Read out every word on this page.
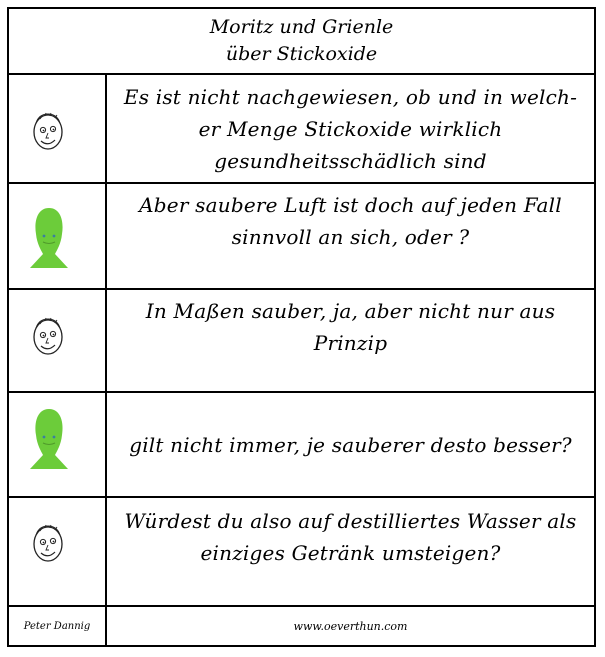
Moritz und Grienle
über Stickoxide
Es ist nicht nachgewiesen, ob und in welch-
er Menge Stickoxide wirklich
gesundheitsschädlich sind
Aber saubere Luft ist doch auf jeden Fall
sinnvoll an sich, oder ?
In Maßen sauber, ja, aber nicht nur aus
Prinzip
gilt nicht immer, je sauberer desto besser?
Würdest du also auf destilliertes Wasser als
einziges Getränk umsteigen?
Peter Dannig	www.oeverthun.com
